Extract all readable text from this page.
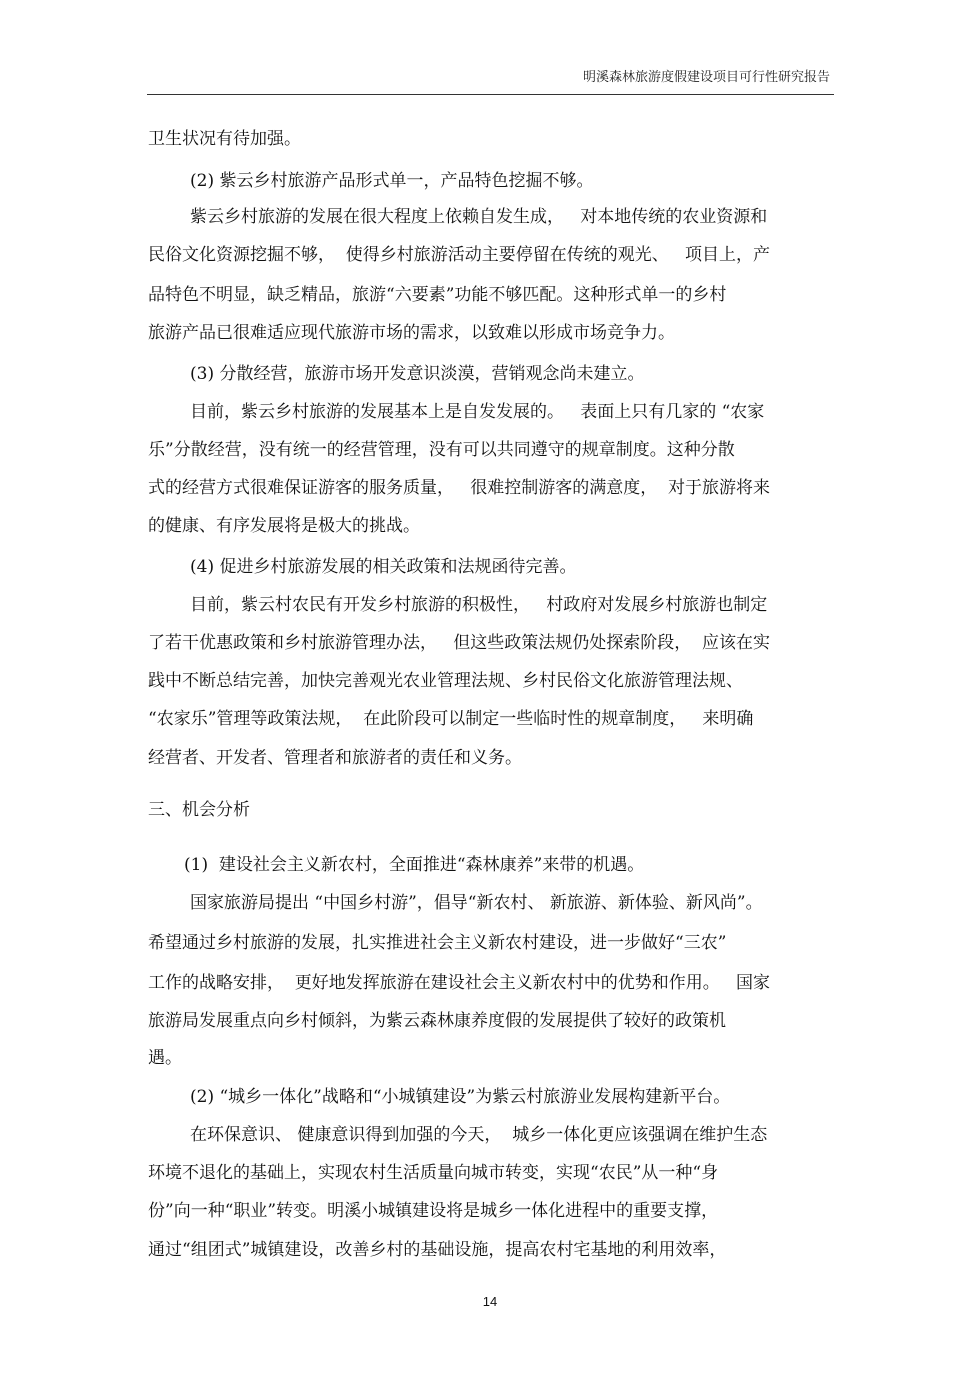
明溪森林旅游度假建设项目可行性研究报告
卫生状况有待加强。
(2) 紫云乡村旅游产品形式单一，产品特色挖掘不够。
紫云乡村旅游的发展在很大程度上依赖自发生成，   对本地传统的农业资源和
民俗文化资源挖掘不够，  使得乡村旅游活动主要停留在传统的观光、   项目上，产
品特色不明显，缺乏精品，旅游“六要素”功能不够匹配。这种形式单一的乡村
旅游产品已很难适应现代旅游市场的需求，以致难以形成市场竞争力。
(3) 分散经营，旅游市场开发意识淡漠，营销观念尚未建立。
目前，紫云乡村旅游的发展基本上是自发发展的。   表面上只有几家的 “农家
乐”分散经营，没有统一的经营管理，没有可以共同遵守的规章制度。这种分散
式的经营方式很难保证游客的服务质量，   很难控制游客的满意度，  对于旅游将来
的健康、有序发展将是极大的挑战。
(4) 促进乡村旅游发展的相关政策和法规函待完善。
目前，紫云村农民有开发乡村旅游的积极性，   村政府对发展乡村旅游也制定
了若干优惠政策和乡村旅游管理办法，   但这些政策法规仍处探索阶段，  应该在实
践中不断总结完善，加快完善观光农业管理法规、乡村民俗文化旅游管理法规、
“农家乐”管理等政策法规，  在此阶段可以制定一些临时性的规章制度，   来明确
经营者、开发者、管理者和旅游者的责任和义务。
三、机会分析
(1)  建设社会主义新农村，全面推进“森林康养”来带的机遇。
国家旅游局提出 “中国乡村游”，倡导“新农村、 新旅游、新体验、新风尚”。
希望通过乡村旅游的发展，扎实推进社会主义新农村建设，进一步做好“三农”
工作的战略安排，  更好地发挥旅游在建设社会主义新农村中的优势和作用。   国家
旅游局发展重点向乡村倾斜，为紫云森林康养度假的发展提供了较好的政策机
遇。
(2) “城乡一体化”战略和“小城镇建设”为紫云村旅游业发展构建新平台。
在环保意识、 健康意识得到加强的今天，  城乡一体化更应该强调在维护生态
环境不退化的基础上，实现农村生活质量向城市转变，实现“农民”从一种“身
份”向一种“职业”转变。明溪小城镇建设将是城乡一体化进程中的重要支撑，
通过“组团式”城镇建设，改善乡村的基础设施，提高农村宅基地的利用效率，
14
